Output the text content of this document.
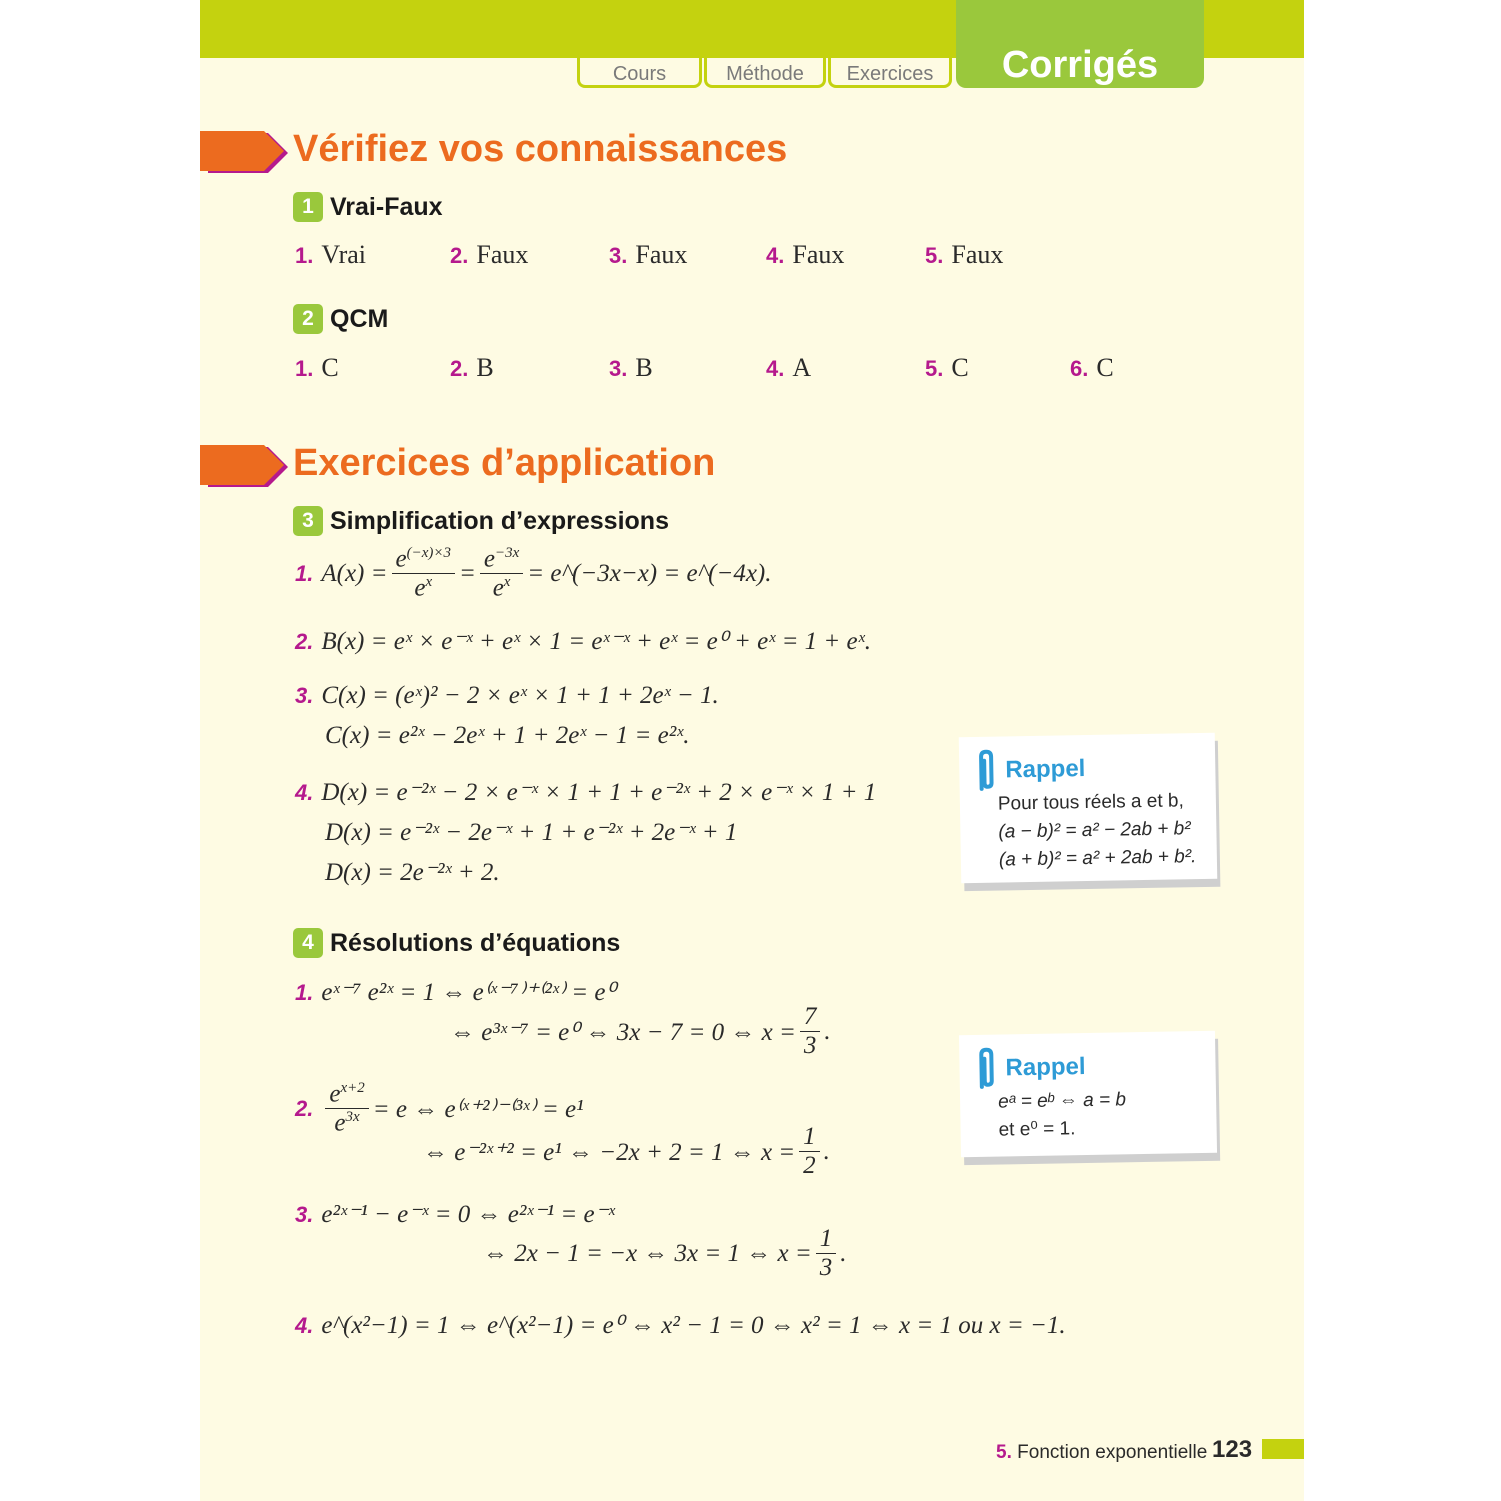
Cours	Méthode	Exercices	Corrigés
Vérifiez vos connaissances
1 Vrai-Faux
1. Vrai	2. Faux	3. Faux	4. Faux	5. Faux
2 QCM
1. C	2. B	3. B	4. A	5. C	6. C
Exercices d’application
3 Simplification d’expressions
1. $A(x) = \frac{e^{(-x)\times 3}}{e^x} = \frac{e^{-3x}}{e^x}$ = e^(−3x−x) = e^(−4x).
2. B(x) = eˣ × e⁻ˣ + eˣ × 1 = eˣ⁻ˣ + eˣ = e⁰ + eˣ = 1 + eˣ.
3. C(x) = (eˣ)² − 2 × eˣ × 1 + 1 + 2eˣ − 1.
C(x) = e²ˣ − 2eˣ + 1 + 2eˣ − 1 = e²ˣ.
4. D(x) = e⁻²ˣ − 2 × e⁻ˣ × 1 + 1 + e⁻²ˣ + 2 × e⁻ˣ × 1 + 1
D(x) = e⁻²ˣ − 2e⁻ˣ + 1 + e⁻²ˣ + 2e⁻ˣ + 1
D(x) = 2e⁻²ˣ + 2.
4 Résolutions d’équations
1. eˣ⁻⁷ e²ˣ = 1 ⇔ e⁽ˣ⁻⁷⁾⁺⁽²ˣ⁾ = e⁰
⇔ e³ˣ⁻⁷ = e⁰ ⇔ 3x − 7 = 0 ⇔ $x = \frac{7}{3}$ .
2. $\frac{e^{x+2}}{e^{3x}} = e$ ⇔ e⁽ˣ⁺²⁾⁻⁽³ˣ⁾ = e¹
⇔ e⁻²ˣ⁺² = e¹ ⇔ −2x + 2 = 1 ⇔ $x = \frac{1}{2}$ .
3. e²ˣ⁻¹ − e⁻ˣ = 0 ⇔ e²ˣ⁻¹ = e⁻ˣ
⇔ 2x − 1 = −x ⇔ 3x = 1 ⇔ $x = \frac{1}{3}$ .
4. e^(x²−1) = 1 ⇔ e^(x²−1) = e⁰ ⇔ x² − 1 = 0 ⇔ x² = 1 ⇔ x = 1 ou x = −1.
Rappel
Pour tous réels a et b,
(a − b)² = a² − 2ab + b²
(a + b)² = a² + 2ab + b².
Rappel
eᵃ = eᵇ ⇔ a = b
et e⁰ = 1.
5. Fonction exponentielle 123
